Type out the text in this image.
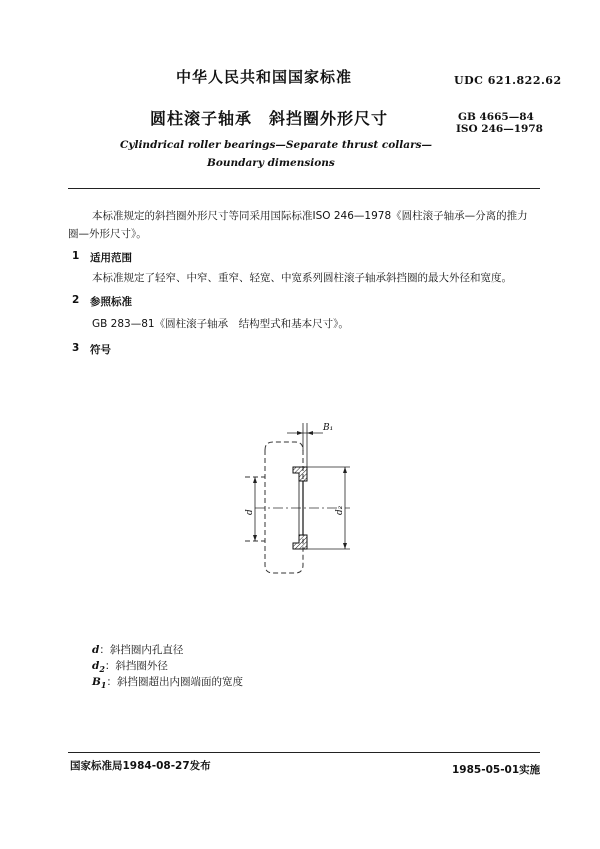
中华人民共和国国家标准	UDC 621.822.62
圆柱滚子轴承　斜挡圈外形尺寸	GB 4665—84
ISO 246—1978
Cylindrical roller bearings—Separate thrust collars—
Boundary dimensions
本标准规定的斜挡圈外形尺寸等同采用国际标准ISO 246—1978《圆柱滚子轴承—分离的推力
圈—外形尺寸》。
1 适用范围
本标准规定了轻窄、中窄、重窄、轻宽、中宽系列圆柱滚子轴承斜挡圈的最大外径和宽度。
2 参照标准
GB 283—81《圆柱滚子轴承　结构型式和基本尺寸》。
3 符号
B₁
d	d₂
d：斜挡圈内孔直径
$d_2$：斜挡圈外径
$B_1$：斜挡圈超出内圈端面的宽度
国家标准局1984-08-27发布	1985-05-01实施
